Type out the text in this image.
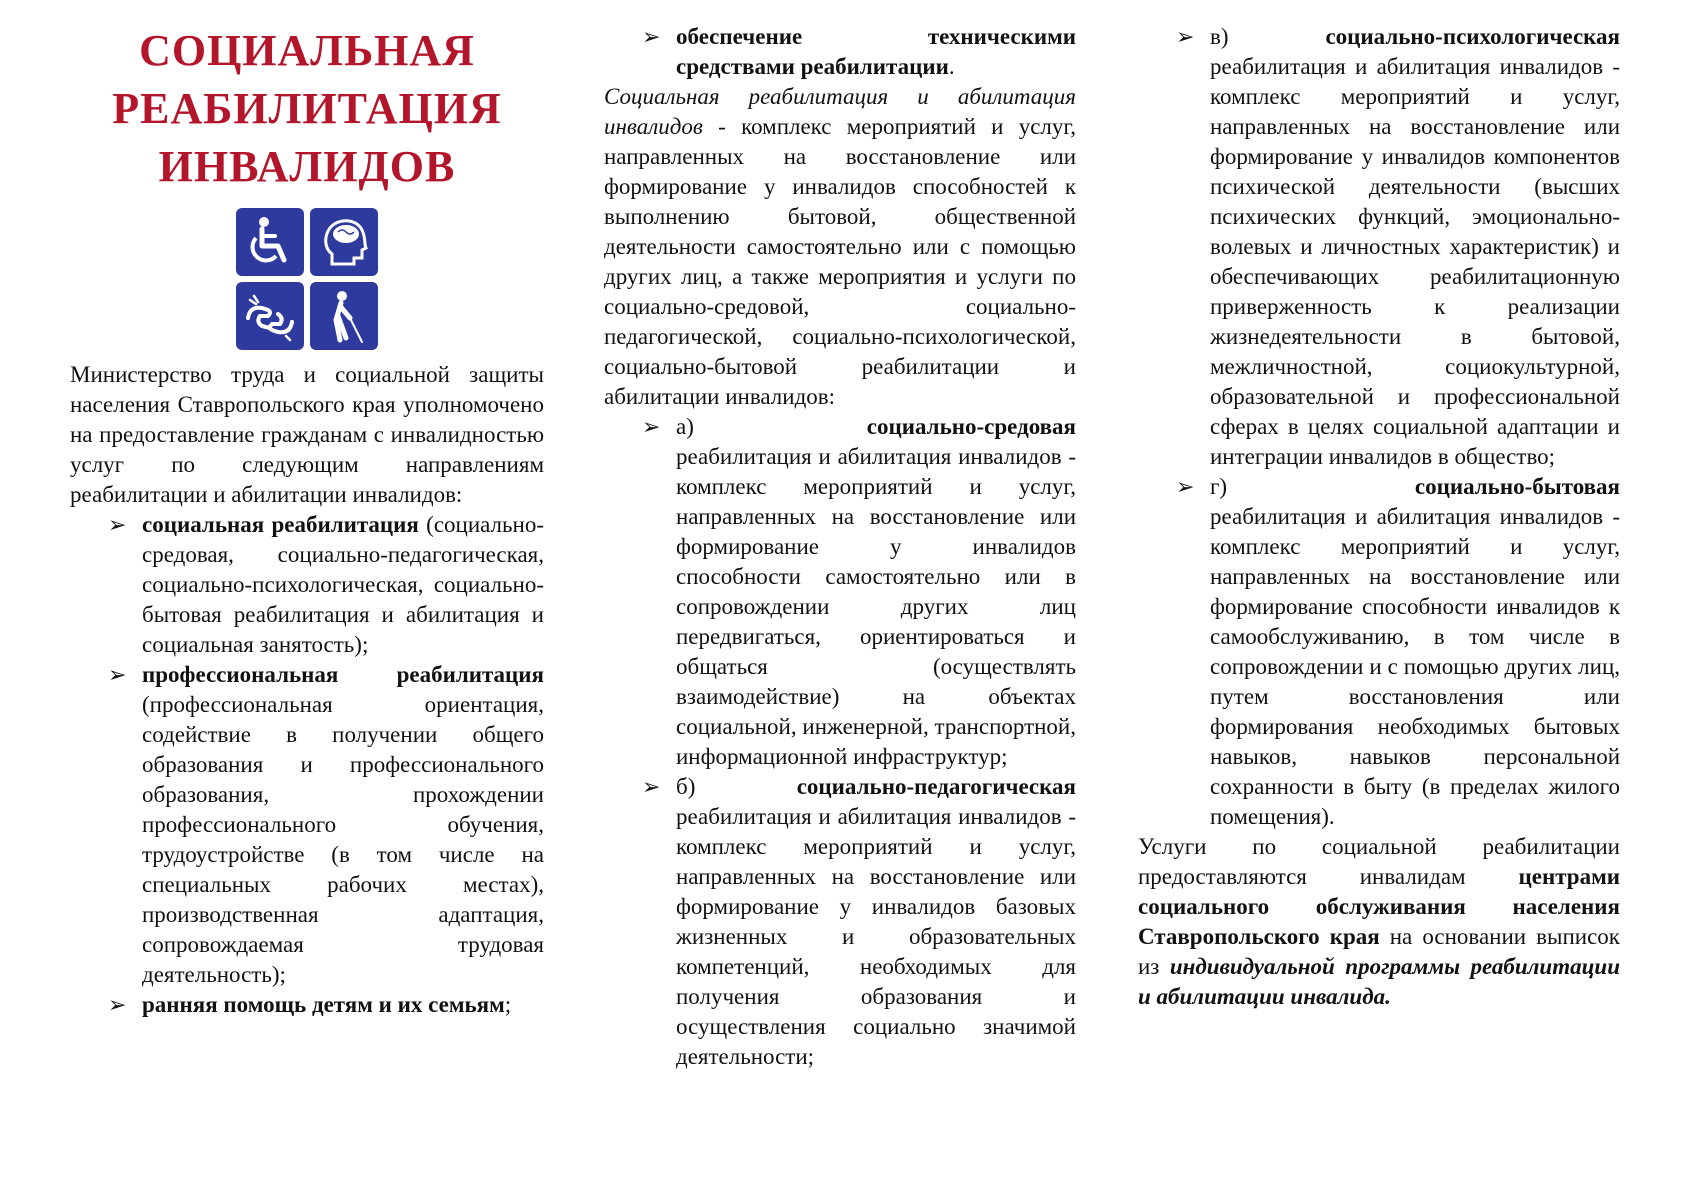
СОЦИАЛЬНАЯ
РЕАБИЛИТАЦИЯ
ИНВАЛИДОВ

Министерство труда и социальной защиты населения Ставропольского края уполномочено на предоставление гражданам с инвалидностью услуг по следующим направлениям реабилитации и абилитации инвалидов:

➢ социальная реабилитация (социально-средовая, социально-педагогическая, социально-психологическая, социально-бытовая реабилитация и абилитация и социальная занятость);
➢ профессиональная реабилитация (профессиональная ориентация, содействие в получении общего образования и профессионального образования, прохождении профессионального обучения, трудоустройстве (в том числе на специальных рабочих местах), производственная адаптация, сопровождаемая трудовая деятельность);
➢ ранняя помощь детям и их семьям;
➢ обеспечение техническими средствами реабилитации.

Социальная реабилитация и абилитация инвалидов - комплекс мероприятий и услуг, направленных на восстановление или формирование у инвалидов способностей к выполнению бытовой, общественной деятельности самостоятельно или с помощью других лиц, а также мероприятия и услуги по социально-средовой, социально-педагогической, социально-психологической, социально-бытовой реабилитации и абилитации инвалидов:

➢ а)	социально-средовая
реабилитация и абилитация инвалидов - комплекс мероприятий и услуг, направленных на восстановление или формирование у инвалидов способности самостоятельно или в сопровождении других лиц передвигаться, ориентироваться и общаться (осуществлять взаимодействие) на объектах социальной, инженерной, транспортной, информационной инфраструктур;
➢ б)	социально-педагогическая
реабилитация и абилитация инвалидов - комплекс мероприятий и услуг, направленных на восстановление или формирование у инвалидов базовых жизненных и образовательных компетенций, необходимых для получения образования и осуществления социально значимой деятельности;
➢ в)	социально-психологическая
реабилитация и абилитация инвалидов - комплекс мероприятий и услуг, направленных на восстановление или формирование у инвалидов компонентов психической деятельности (высших психических функций, эмоционально-волевых и личностных характеристик) и обеспечивающих реабилитационную приверженность к реализации жизнедеятельности в бытовой, межличностной, социокультурной, образовательной и профессиональной сферах в целях социальной адаптации и интеграции инвалидов в общество;
➢ г)	социально-бытовая
реабилитация и абилитация инвалидов - комплекс мероприятий и услуг, направленных на восстановление или формирование способности инвалидов к самообслуживанию, в том числе в сопровождении и с помощью других лиц, путем восстановления или формирования необходимых бытовых навыков, навыков персональной сохранности в быту (в пределах жилого помещения).

Услуги по социальной реабилитации предоставляются инвалидам центрами социального обслуживания населения Ставропольского края на основании выписок из индивидуальной программы реабилитации и абилитации инвалида.
